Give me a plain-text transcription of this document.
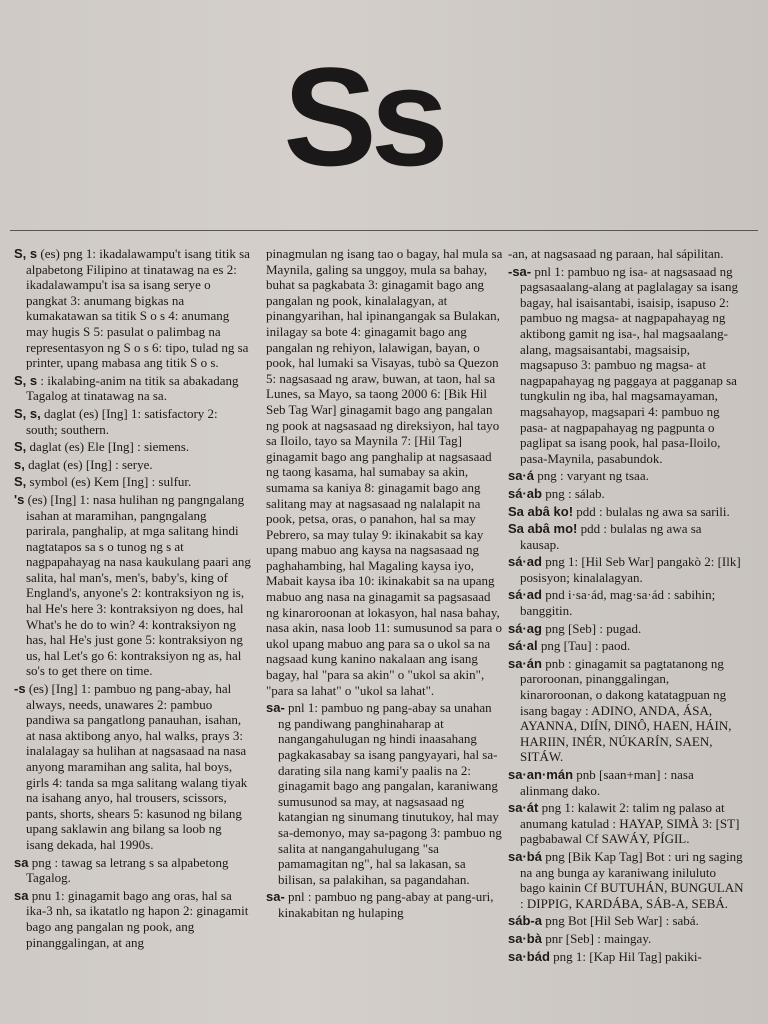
Ss

S, s (es) png 1: ikadalawampu't isang titik sa alpabetong Filipino at tinatawag na es 2: ikadalawampu't isa sa isang serye o pangkat 3: anumang bigkas na kumakatawan sa titik S o s 4: anumang may hugis S 5: pasulat o palimbag na representasyon ng S o s 6: tipo, tulad ng sa printer, upang mabasa ang titik S o s.

S, s : ikalabing-anim na titik sa abakadang Tagalog at tinatawag na sa.

S, s, daglat (es) [Ing] 1: satisfactory 2: south; southern.

S, daglat (es) Ele [Ing] : siemens.

s, daglat (es) [Ing] : serye.

S, symbol (es) Kem [Ing] : sulfur.

's (es) [Ing] 1: nasa hulihan ng pangngalang isahan at maramihan, pangngalang parirala, panghalip, at mga salitang hindi nagtatapos sa s o tunog ng s at nagpapahayag na nasa kaukulang paari ang salita, hal man's, men's, baby's, king of England's, anyone's 2: kontraksiyon ng is, hal He's here 3: kontraksiyon ng does, hal What's he do to win? 4: kontraksiyon ng has, hal He's just gone 5: kontraksiyon ng us, hal Let's go 6: kontraksiyon ng as, hal so's to get there on time.

-s (es) [Ing] 1: pambuo ng pang-abay, hal always, needs, unawares 2: pambuo pandiwa sa pangatlong panauhan, isahan, at nasa aktibong anyo, hal walks, prays 3: inalalagay sa hulihan at nagsasaad na nasa anyong maramihan ang salita, hal boys, girls 4: tanda sa mga salitang walang tiyak na isahang anyo, hal trousers, scissors, pants, shorts, shears 5: kasunod ng bilang upang saklawin ang bilang sa loob ng isang dekada, hal 1990s.

sa png : tawag sa letrang s sa alpabetong Tagalog.

sa pnu 1: ginagamit bago ang oras, hal sa ika-3 nh, sa ikatatlo ng hapon 2: ginagamit bago ang pangalan ng pook, ang pinanggalingan, at ang

pinagmulan ng isang tao o bagay, hal mula sa Maynila, galing sa unggoy, mula sa bahay, buhat sa pagkabata 3: ginagamit bago ang pangalan ng pook, kinalalagyan, at pinangyarihan, hal ipinangangak sa Bulakan, inilagay sa bote 4: ginagamit bago ang pangalan ng rehiyon, lalawigan, bayan, o pook, hal lumaki sa Visayas, tubò sa Quezon 5: nagsasaad ng araw, buwan, at taon, hal sa Lunes, sa Mayo, sa taong 2000 6: [Bik Hil Seb Tag War] ginagamit bago ang pangalan ng pook at nagsasaad ng direksiyon, hal tayo sa Iloilo, tayo sa Maynila 7: [Hil Tag] ginagamit bago ang panghalip at nagsasaad ng taong kasama, hal sumabay sa akin, sumama sa kaniya 8: ginagamit bago ang salitang may at nagsasaad ng nalalapit na pook, petsa, oras, o panahon, hal sa may Pebrero, sa may tulay 9: ikinakabit sa kay upang mabuo ang kaysa na nagsasaad ng paghahambing, hal Magaling kaysa iyo, Mabait kaysa iba 10: ikinakabit sa na upang mabuo ang nasa na ginagamit sa pagsasaad ng kinaroroonan at lokasyon, hal nasa bahay, nasa akin, nasa loob 11: sumusunod sa para o ukol upang mabuo ang para sa o ukol sa na nagsaad kung kanino nakalaan ang isang bagay, hal "para sa akin" o "ukol sa akin", "para sa lahat" o "ukol sa lahat".

sa- pnl 1: pambuo ng pang-abay sa unahan ng pandiwang panghinaharap at nangangahulugan ng hindi inaasahang pagkakasabay sa isang pangyayari, hal sa-darating sila nang kami'y paalis na 2: ginagamit bago ang pangalan, karaniwang sumusunod sa may, at nagsasaad ng katangian ng sinumang tinutukoy, hal may sa-demonyo, may sa-pagong 3: pambuo ng salita at nangangahulugang "sa pamamagitan ng", hal sa lakasan, sa bilisan, sa palakihan, sa pagandahan.

sa- pnl : pambuo ng pang-abay at pang-uri, kinakabitan ng hulaping

-an, at nagsasaad ng paraan, hal sápilitan.

-sa- pnl 1: pambuo ng isa- at nagsasaad ng pagsasaalang-alang at paglalagay sa isang bagay, hal isaisantabi, isaisip, isapuso 2: pambuo ng magsa- at nagpapahayag ng aktibong gamit ng isa-, hal magsaalang-alang, magsaisantabi, magsaisip, magsapuso 3: pambuo ng magsa- at nagpapahayag ng paggaya at pagganap sa tungkulin ng iba, hal magsamayaman, magsahayop, magsapari 4: pambuo ng pasa- at nagpapahayag ng pagpunta o paglipat sa isang pook, hal pasa-Iloilo, pasa-Maynila, pasabundok.

sa·á png : varyant ng tsaa.

sá·ab png : sálab.

Sa abâ ko! pdd : bulalas ng awa sa sarili.

Sa abâ mo! pdd : bulalas ng awa sa kausap.

sá·ad png 1: [Hil Seb War] pangakò 2: [Ilk] posisyon; kinalalagyan.

sá·ad pnd i·sa·ád, mag·sa·ád : sabihin; banggitin.

sá·ag png [Seb] : pugad.

sá·al png [Tau] : paod.

sa·án pnb : ginagamit sa pagtatanong ng paroroonan, pinanggalingan, kinaroroonan, o dakong katatagpuan ng isang bagay : ADINO, ANDA, ÁSA, AYANNA, DIÍN, DINÔ, HAEN, HÁIN, HARIIN, INÉR, NÚKARÍN, SAEN, SITÁW.

sa·an·mán pnb [saan+man] : nasa alinmang dako.

sa·át png 1: kalawit 2: talim ng palaso at anumang katulad : HAYAP, SIMÀ 3: [ST] pagbabawal Cf SAWÁY, PÍGIL.

sa·bá png [Bik Kap Tag] Bot : uri ng saging na ang bunga ay karaniwang iniluluto bago kainin Cf BUTUHÁN, BUNGULAN : DIPPIG, KARDÁBA, SÁB-A, SEBÁ.

sáb-a png Bot [Hil Seb War] : sabá.

sa·bà pnr [Seb] : maingay.

sa·bád png 1: [Kap Hil Tag] pakiki-
